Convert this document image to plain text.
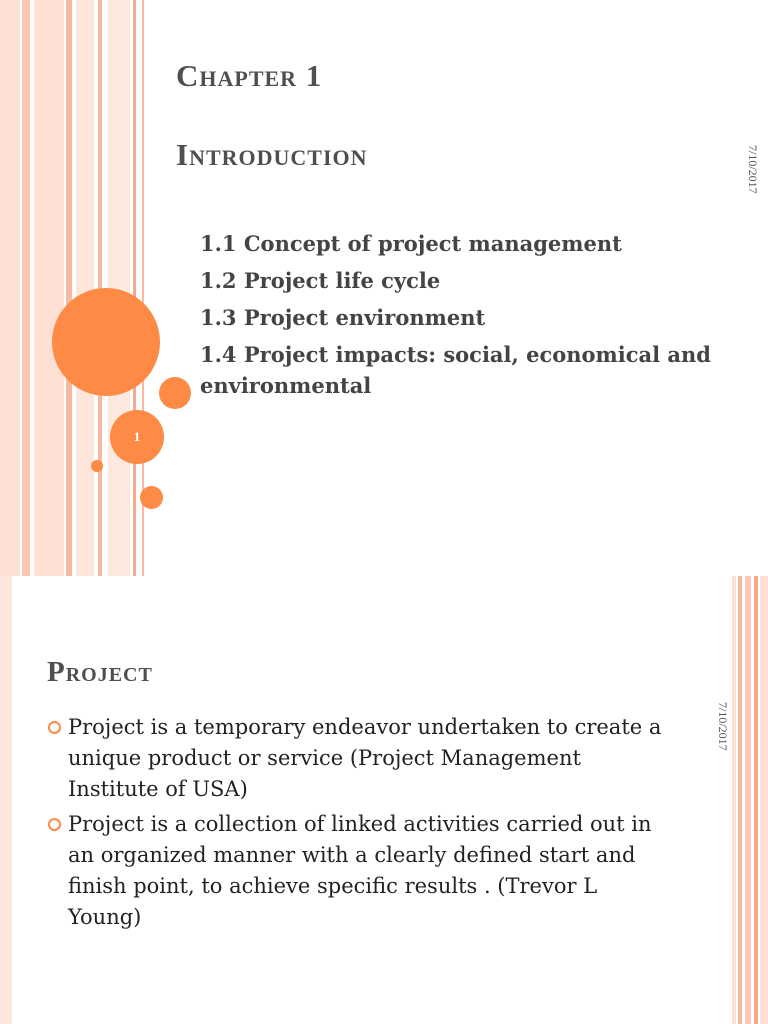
1
Chapter 1
Introduction
1.1 Concept of project management
1.2 Project life cycle
1.3 Project environment
1.4 Project impacts: social, economical and environmental
7/10/2017
Project
Project is a temporary endeavor undertaken to create a unique product or service (Project Management Institute of USA)
Project is a collection of linked activities carried out in an organized manner with a clearly defined start and finish point, to achieve specific results . (Trevor L Young)
7/10/2017
